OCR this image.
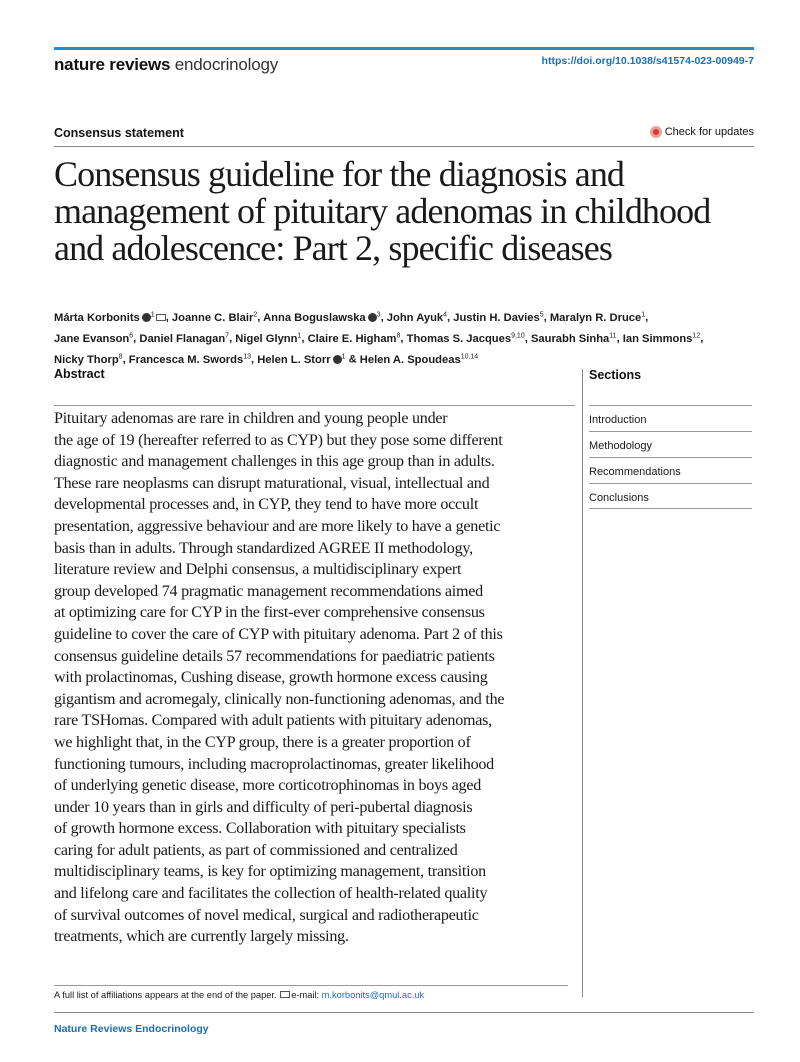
nature reviews endocrinology	https://doi.org/10.1038/s41574-023-00949-7
Consensus statement	Check for updates
Consensus guideline for the diagnosis and management of pituitary adenomas in childhood and adolescence: Part 2, specific diseases
Márta Korbonits $^1$ , Joanne C. Blair$^2$, Anna Boguslawska $^3$, John Ayuk$^4$, Justin H. Davies$^5$, Maralyn R. Druce$^1$,
Jane Evanson$^6$, Daniel Flanagan$^7$, Nigel Glynn$^1$, Claire E. Higham$^8$, Thomas S. Jacques$^{9,10}$, Saurabh Sinha$^{11}$, Ian Simmons$^{12}$,
Nicky Thorp$^8$, Francesca M. Swords$^{13}$, Helen L. Storr $^1$ & Helen A. Spoudeas$^{10,14}$
Abstract
Pituitary adenomas are rare in children and young people under
the age of 19 (hereafter referred to as CYP) but they pose some different
diagnostic and management challenges in this age group than in adults.
These rare neoplasms can disrupt maturational, visual, intellectual and
developmental processes and, in CYP, they tend to have more occult
presentation, aggressive behaviour and are more likely to have a genetic
basis than in adults. Through standardized AGREE II methodology,
literature review and Delphi consensus, a multidisciplinary expert
group developed 74 pragmatic management recommendations aimed
at optimizing care for CYP in the first-ever comprehensive consensus
guideline to cover the care of CYP with pituitary adenoma. Part 2 of this
consensus guideline details 57 recommendations for paediatric patients
with prolactinomas, Cushing disease, growth hormone excess causing
gigantism and acromegaly, clinically non-functioning adenomas, and the
rare TSHomas. Compared with adult patients with pituitary adenomas,
we highlight that, in the CYP group, there is a greater proportion of
functioning tumours, including macroprolactinomas, greater likelihood
of underlying genetic disease, more corticotrophinomas in boys aged
under 10 years than in girls and difficulty of peri-pubertal diagnosis
of growth hormone excess. Collaboration with pituitary specialists
caring for adult patients, as part of commissioned and centralized
multidisciplinary teams, is key for optimizing management, transition
and lifelong care and facilitates the collection of health-related quality
of survival outcomes of novel medical, surgical and radiotherapeutic
treatments, which are currently largely missing.
Sections
Introduction
Methodology
Recommendations
Conclusions
A full list of affiliations appears at the end of the paper. e-mail: m.korbonits@qmul.ac.uk
Nature Reviews Endocrinology
